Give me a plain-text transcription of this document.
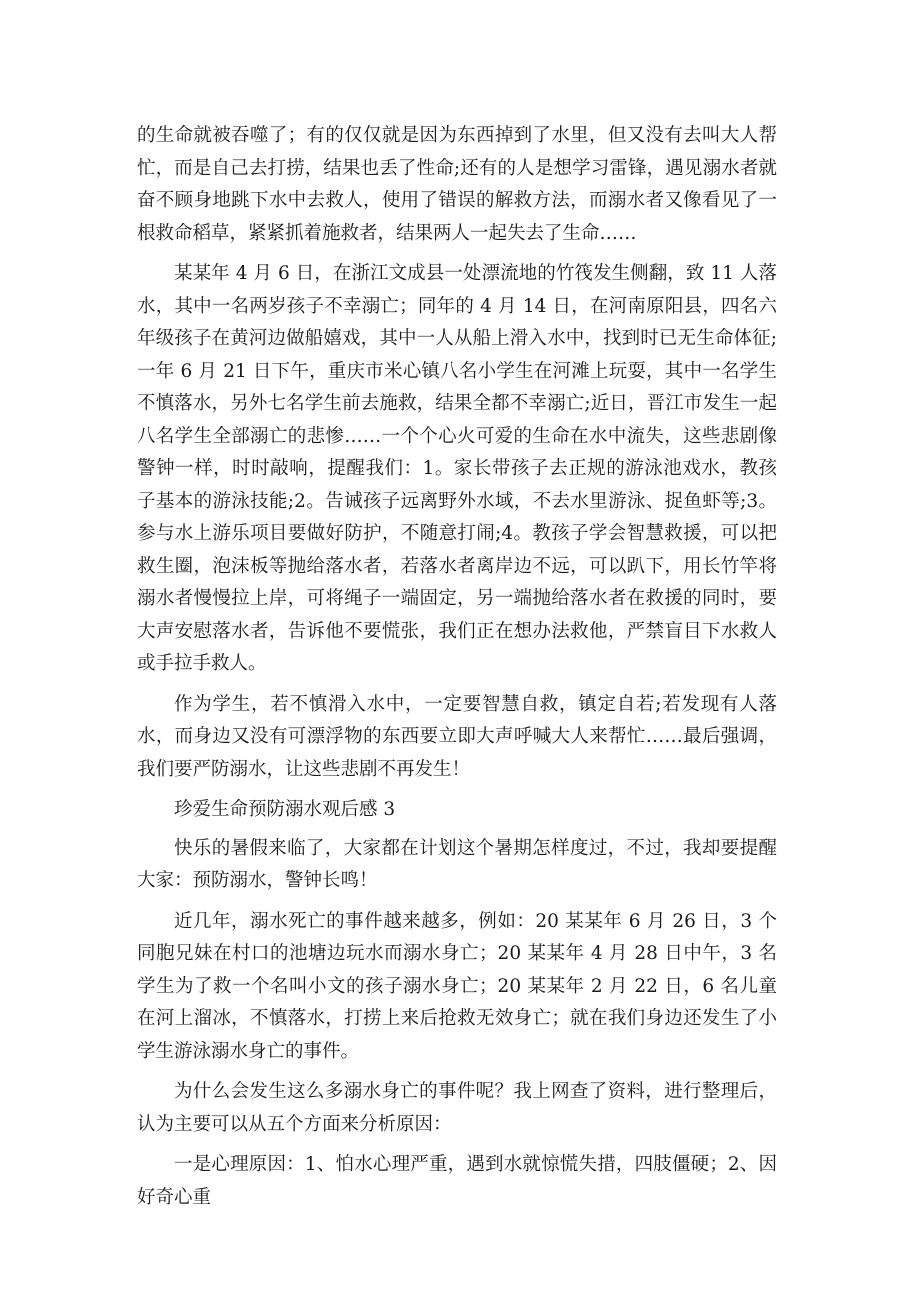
的生命就被吞噬了；有的仅仅就是因为东西掉到了水里，但又没有去叫大人帮忙，而是自己去打捞，结果也丢了性命;还有的人是想学习雷锋，遇见溺水者就奋不顾身地跳下水中去救人，使用了错误的解救方法，而溺水者又像看见了一根救命稻草，紧紧抓着施救者，结果两人一起失去了生命……

某某年 4 月 6 日，在浙江文成县一处漂流地的竹筏发生侧翻，致 11 人落水，其中一名两岁孩子不幸溺亡；同年的 4 月 14 日，在河南原阳县，四名六年级孩子在黄河边做船嬉戏，其中一人从船上滑入水中，找到时已无生命体征;一年 6 月 21 日下午，重庆市米心镇八名小学生在河滩上玩耍，其中一名学生不慎落水，另外七名学生前去施救，结果全都不幸溺亡;近日，晋江市发生一起八名学生全部溺亡的悲惨……一个个心火可爱的生命在水中流失，这些悲剧像警钟一样，时时敲响，提醒我们：1。家长带孩子去正规的游泳池戏水，教孩子基本的游泳技能;2。告诫孩子远离野外水域，不去水里游泳、捉鱼虾等;3。参与水上游乐项目要做好防护，不随意打闹;4。教孩子学会智慧救援，可以把救生圈，泡沫板等抛给落水者，若落水者离岸边不远，可以趴下，用长竹竿将溺水者慢慢拉上岸，可将绳子一端固定，另一端抛给落水者在救援的同时，要大声安慰落水者，告诉他不要慌张，我们正在想办法救他，严禁盲目下水救人或手拉手救人。

作为学生，若不慎滑入水中，一定要智慧自救，镇定自若;若发现有人落水，而身边又没有可漂浮物的东西要立即大声呼喊大人来帮忙……最后强调，我们要严防溺水，让这些悲剧不再发生！

珍爱生命预防溺水观后感 3

快乐的暑假来临了，大家都在计划这个暑期怎样度过，不过，我却要提醒大家：预防溺水，警钟长鸣！

近几年，溺水死亡的事件越来越多，例如：20 某某年 6 月 26 日，3 个同胞兄妹在村口的池塘边玩水而溺水身亡；20 某某年 4 月 28 日中午，3 名学生为了救一个名叫小文的孩子溺水身亡；20 某某年 2 月 22 日，6 名儿童在河上溜冰，不慎落水，打捞上来后抢救无效身亡；就在我们身边还发生了小学生游泳溺水身亡的事件。

为什么会发生这么多溺水身亡的事件呢？我上网查了资料，进行整理后，认为主要可以从五个方面来分析原因：

一是心理原因：1、怕水心理严重，遇到水就惊慌失措，四肢僵硬；2、因好奇心重
